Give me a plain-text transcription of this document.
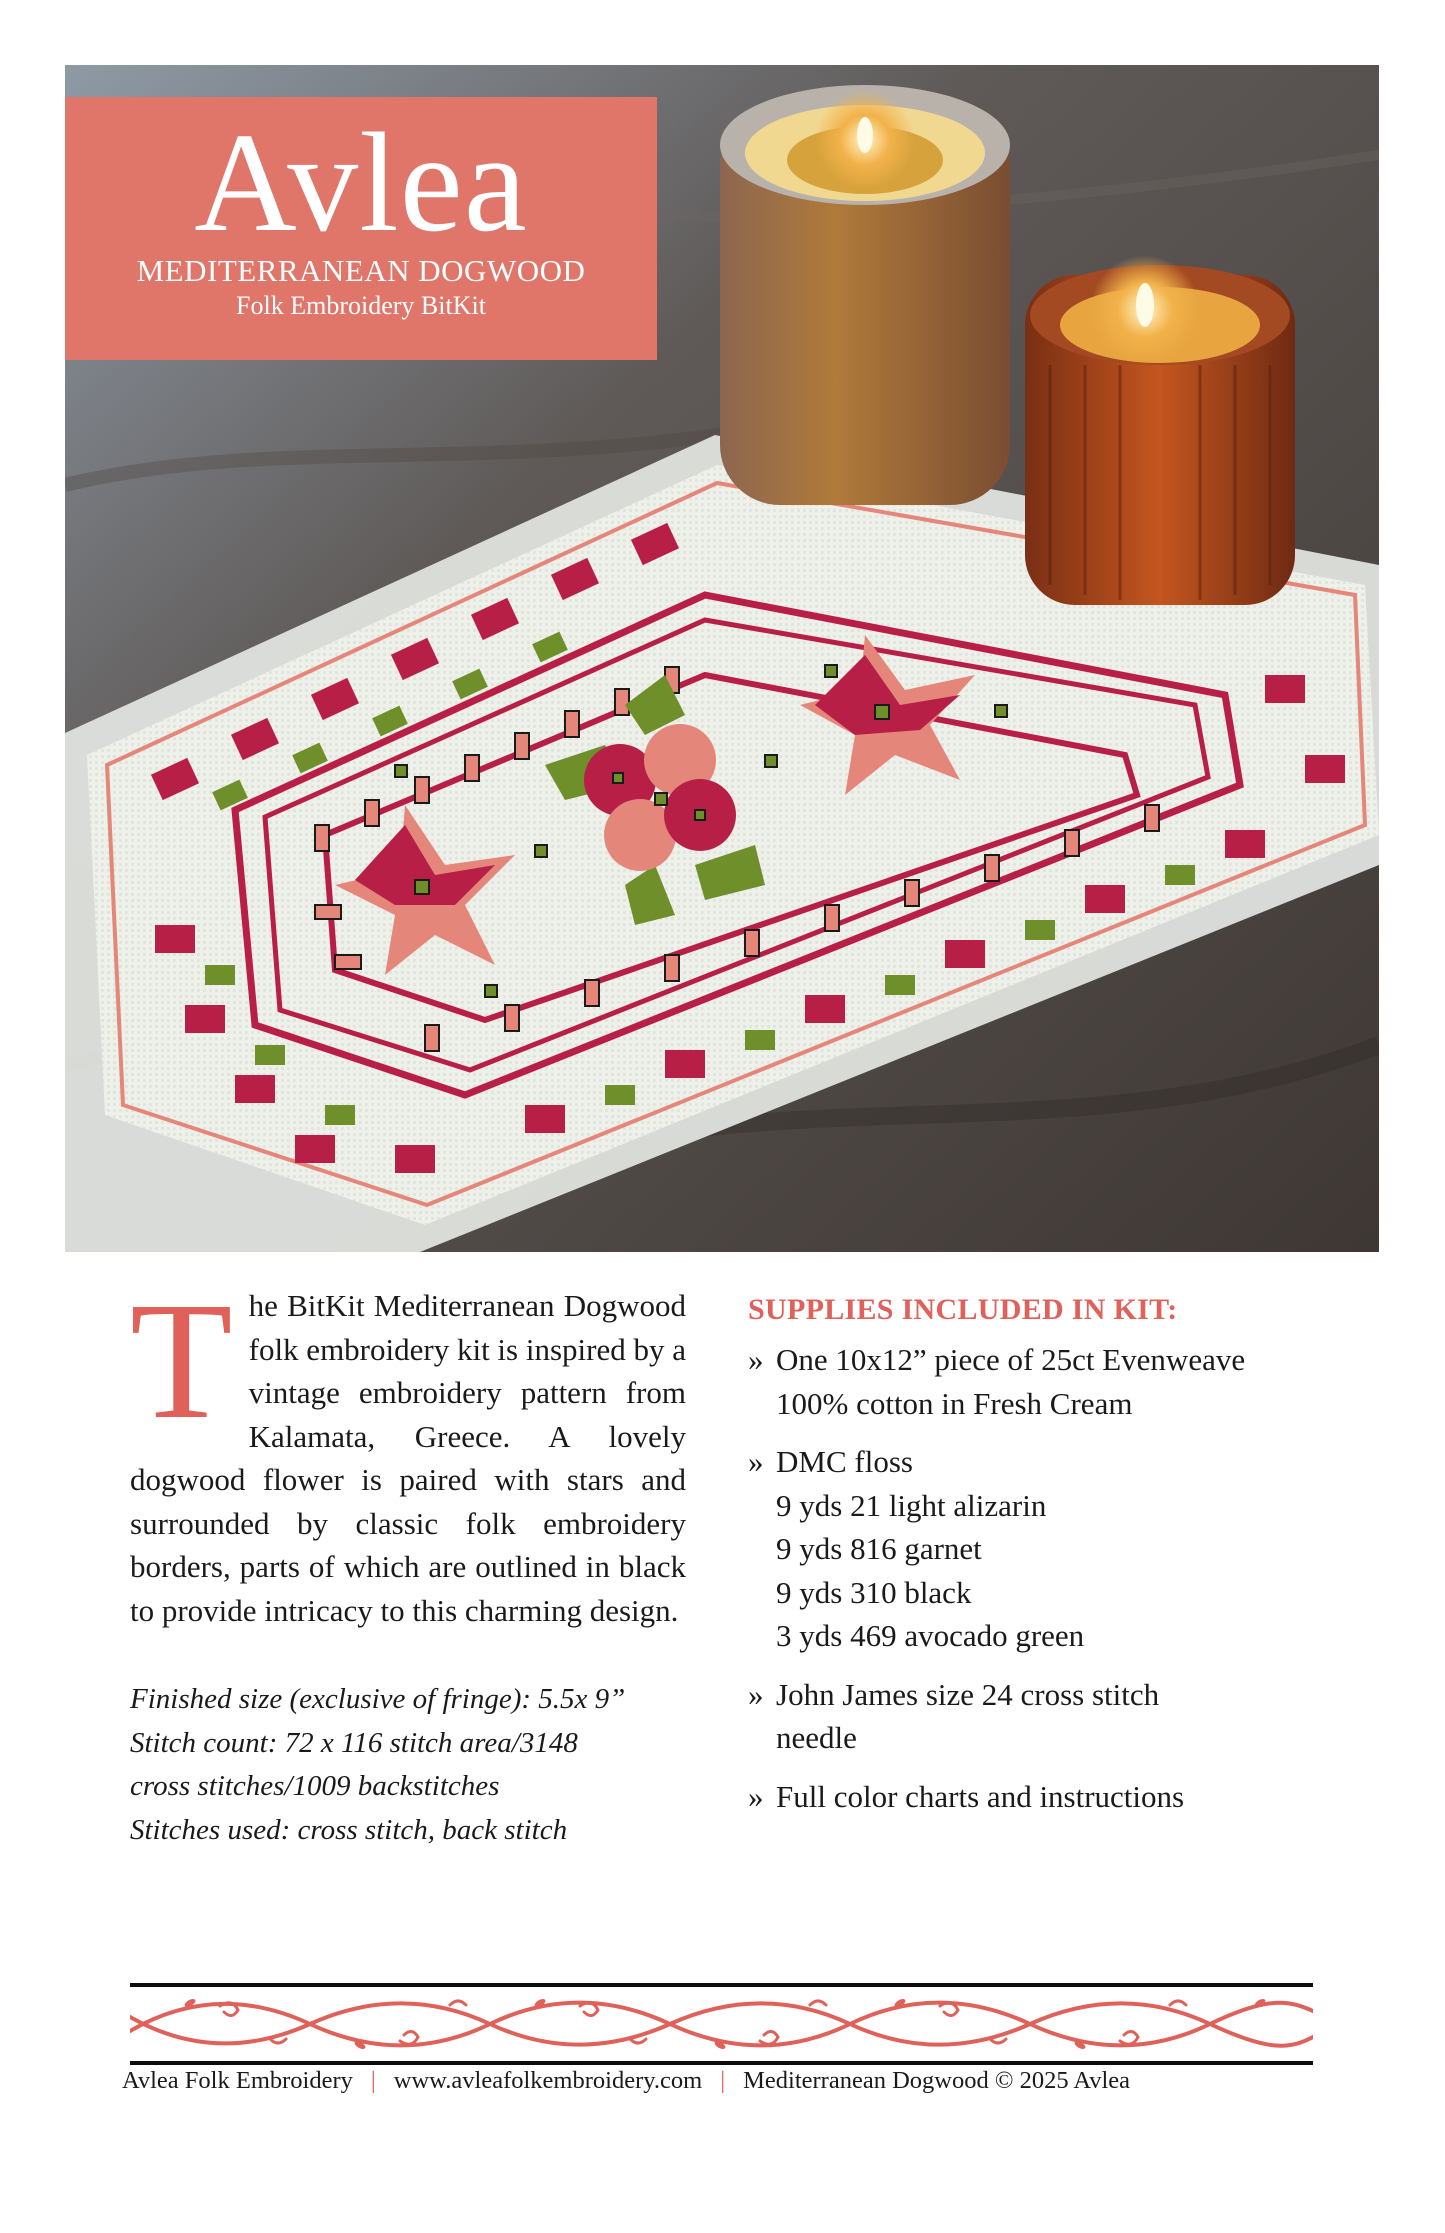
Avlea
MEDITERRANEAN DOGWOOD
Folk Embroidery BitKit

The BitKit Mediterranean Dogwood folk embroidery kit is inspired by a vintage embroidery pattern from Kalamata, Greece. A lovely dogwood flower is paired with stars and surrounded by classic folk embroidery borders, parts of which are outlined in black to provide intricacy to this charming design.

Finished size (exclusive of fringe): 5.5x 9”
Stitch count: 72 x 116 stitch area/3148
cross stitches/1009 backstitches
Stitches used: cross stitch, back stitch
SUPPLIES INCLUDED IN KIT:
» One 10x12” piece of 25ct Evenweave
100% cotton in Fresh Cream
» DMC floss
9 yds 21 light alizarin
9 yds 816 garnet
9 yds 310 black
3 yds 469 avocado green
» John James size 24 cross stitch
needle
» Full color charts and instructions
Avlea Folk Embroidery | www.avleafolkembroidery.com | Mediterranean Dogwood © 2025 Avlea
